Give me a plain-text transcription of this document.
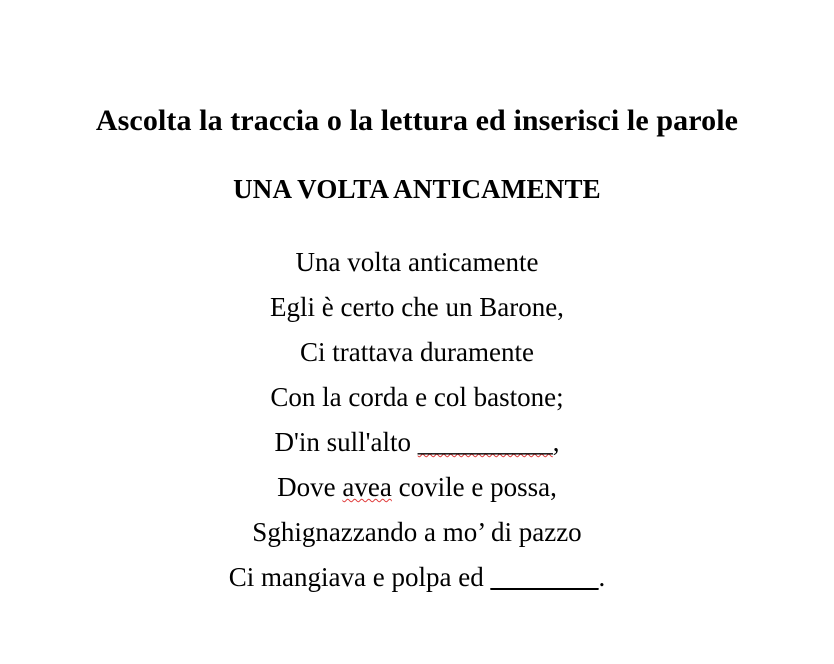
Ascolta la traccia o la lettura ed inserisci le parole
UNA VOLTA ANTICAMENTE
Una volta anticamente
Egli è certo che un Barone,
Ci trattava duramente
Con la corda e col bastone;
D'in sull'alto __________,
Dove avea covile e possa,
Sghignazzando a mo’ di pazzo
Ci mangiava e polpa ed ________.
